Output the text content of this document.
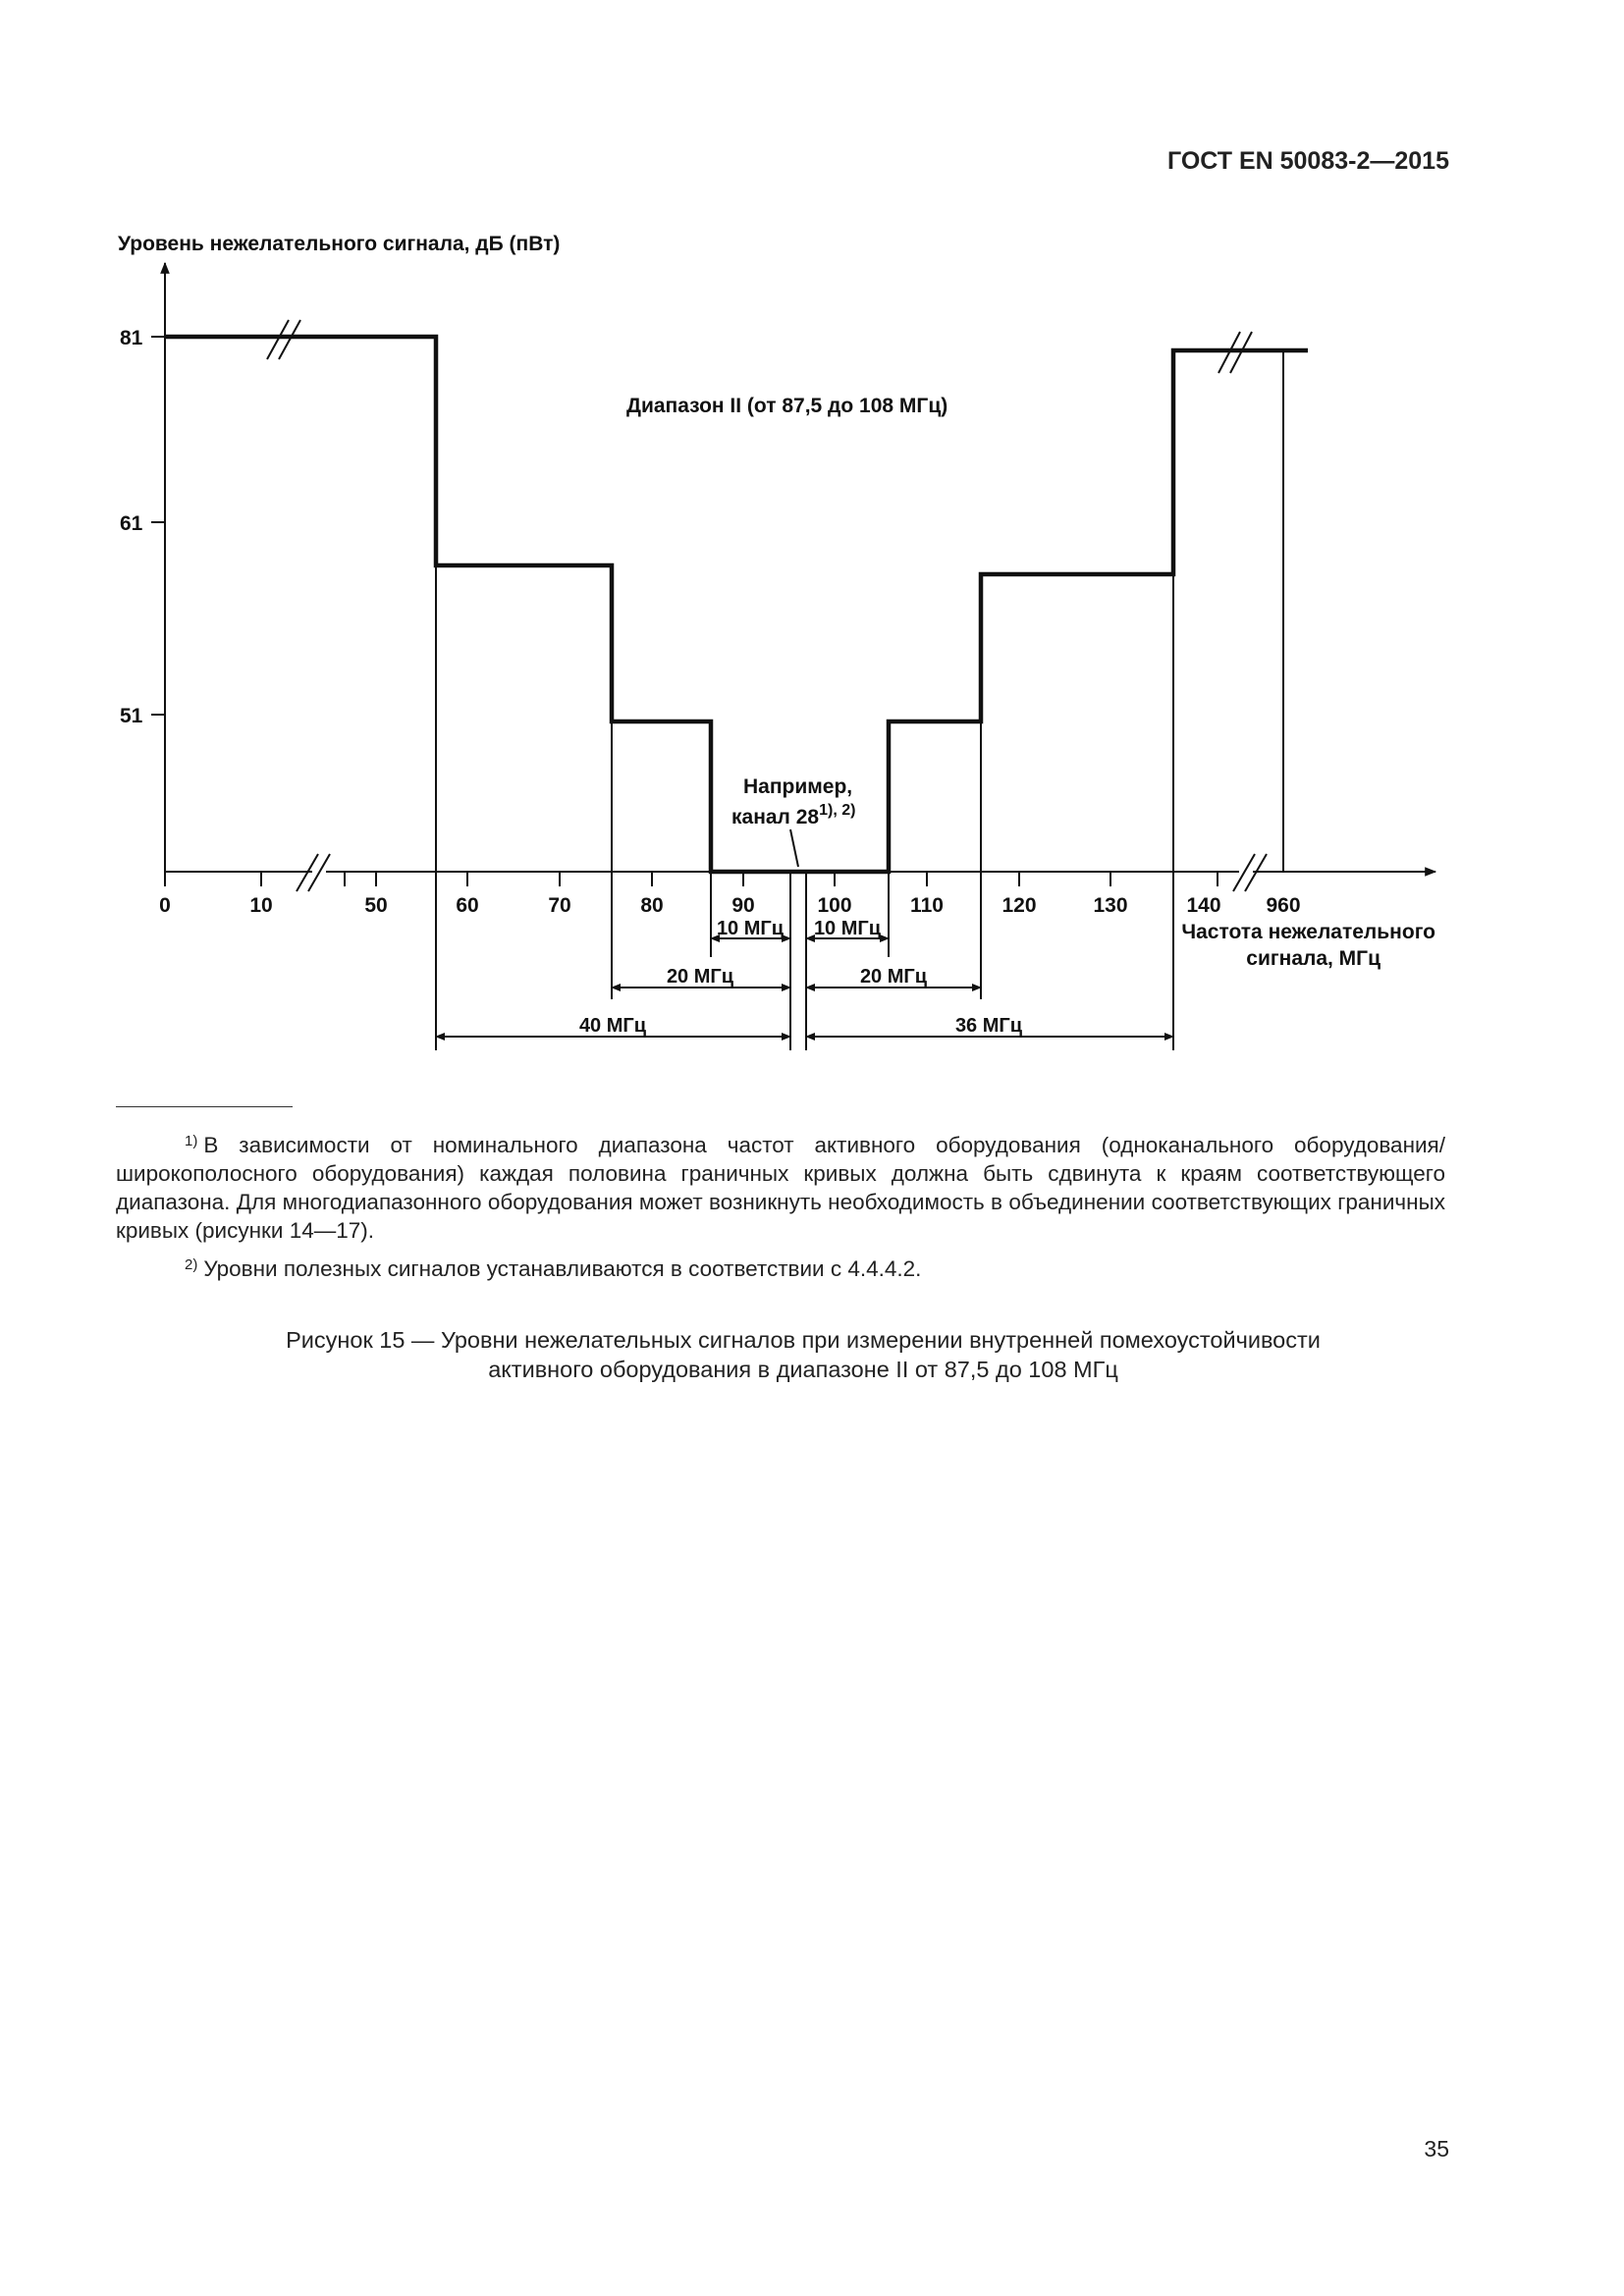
ГОСТ EN 50083-2—2015
Уровень нежелательного сигнала, дБ (пВт)
81
61
51
0	10	50	60	70	80	90	100	110	120	130	140 960
Частота нежелательного
сигнала, МГц
Диапазон II (от 87,5 до 108 МГц)
Например,
канал $28^{1), 2)}$
10 МГц 10 МГц
20 МГц	20 МГц
40 МГц	36 МГц
$^{1)}$ В зависимости от номинального диапазона частот активного оборудования (одноканального оборудования/широкополосного оборудования) каждая половина граничных кривых должна быть сдвинута к краям соответствующего диапазона. Для многодиапазонного оборудования может возникнуть необходимость в объединении соответствующих граничных кривых (рисунки 14—17).
$^{2)}$ Уровни полезных сигналов устанавливаются в соответствии с 4.4.4.2.
Рисунок 15 — Уровни нежелательных сигналов при измерении внутренней помехоустойчивости
активного оборудования в диапазоне II от 87,5 до 108 МГц
35
